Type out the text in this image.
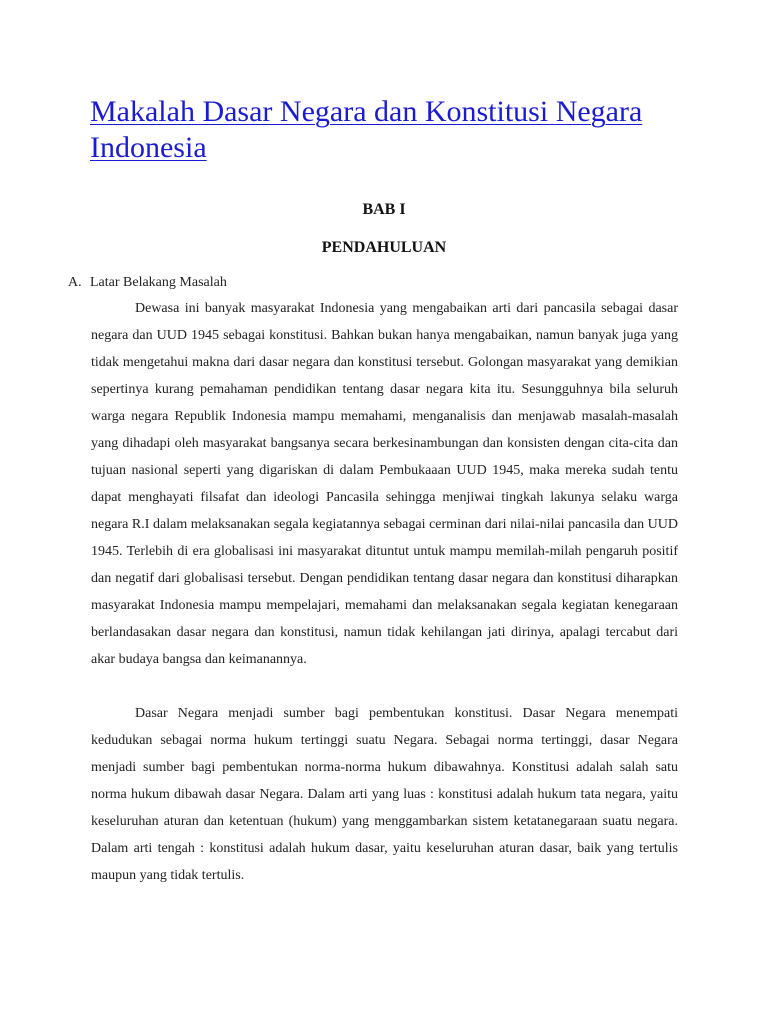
Makalah Dasar Negara dan Konstitusi Negara Indonesia
BAB I
PENDAHULUAN
A. Latar Belakang Masalah

Dewasa ini banyak masyarakat Indonesia yang mengabaikan arti dari pancasila sebagai dasar negara dan UUD 1945 sebagai konstitusi. Bahkan bukan hanya mengabaikan, namun banyak juga yang tidak mengetahui makna dari dasar negara dan konstitusi tersebut. Golongan masyarakat yang demikian sepertinya kurang pemahaman pendidikan tentang dasar negara kita itu. Sesungguhnya bila seluruh warga negara Republik Indonesia mampu memahami, menganalisis dan menjawab masalah-masalah yang dihadapi oleh masyarakat bangsanya secara berkesinambungan dan konsisten dengan cita-cita dan tujuan nasional seperti yang digariskan di dalam Pembukaaan UUD 1945, maka mereka sudah tentu dapat menghayati filsafat dan ideologi Pancasila sehingga menjiwai tingkah lakunya selaku warga negara R.I dalam melaksanakan segala kegiatannya sebagai cerminan dari nilai-nilai pancasila dan UUD 1945. Terlebih di era globalisasi ini masyarakat dituntut untuk mampu memilah-milah pengaruh positif dan negatif dari globalisasi tersebut. Dengan pendidikan tentang dasar negara dan konstitusi diharapkan masyarakat Indonesia mampu mempelajari, memahami dan melaksanakan segala kegiatan kenegaraan berlandasakan dasar negara dan konstitusi, namun tidak kehilangan jati dirinya, apalagi tercabut dari akar budaya bangsa dan keimanannya.

Dasar Negara menjadi sumber bagi pembentukan konstitusi. Dasar Negara menempati kedudukan sebagai norma hukum tertinggi suatu Negara. Sebagai norma tertinggi, dasar Negara menjadi sumber bagi pembentukan norma-norma hukum dibawahnya. Konstitusi adalah salah satu norma hukum dibawah dasar Negara. Dalam arti yang luas : konstitusi adalah hukum tata negara, yaitu keseluruhan aturan dan ketentuan (hukum) yang menggambarkan sistem ketatanegaraan suatu negara. Dalam arti tengah : konstitusi adalah hukum dasar, yaitu keseluruhan aturan dasar, baik yang tertulis maupun yang tidak tertulis.
